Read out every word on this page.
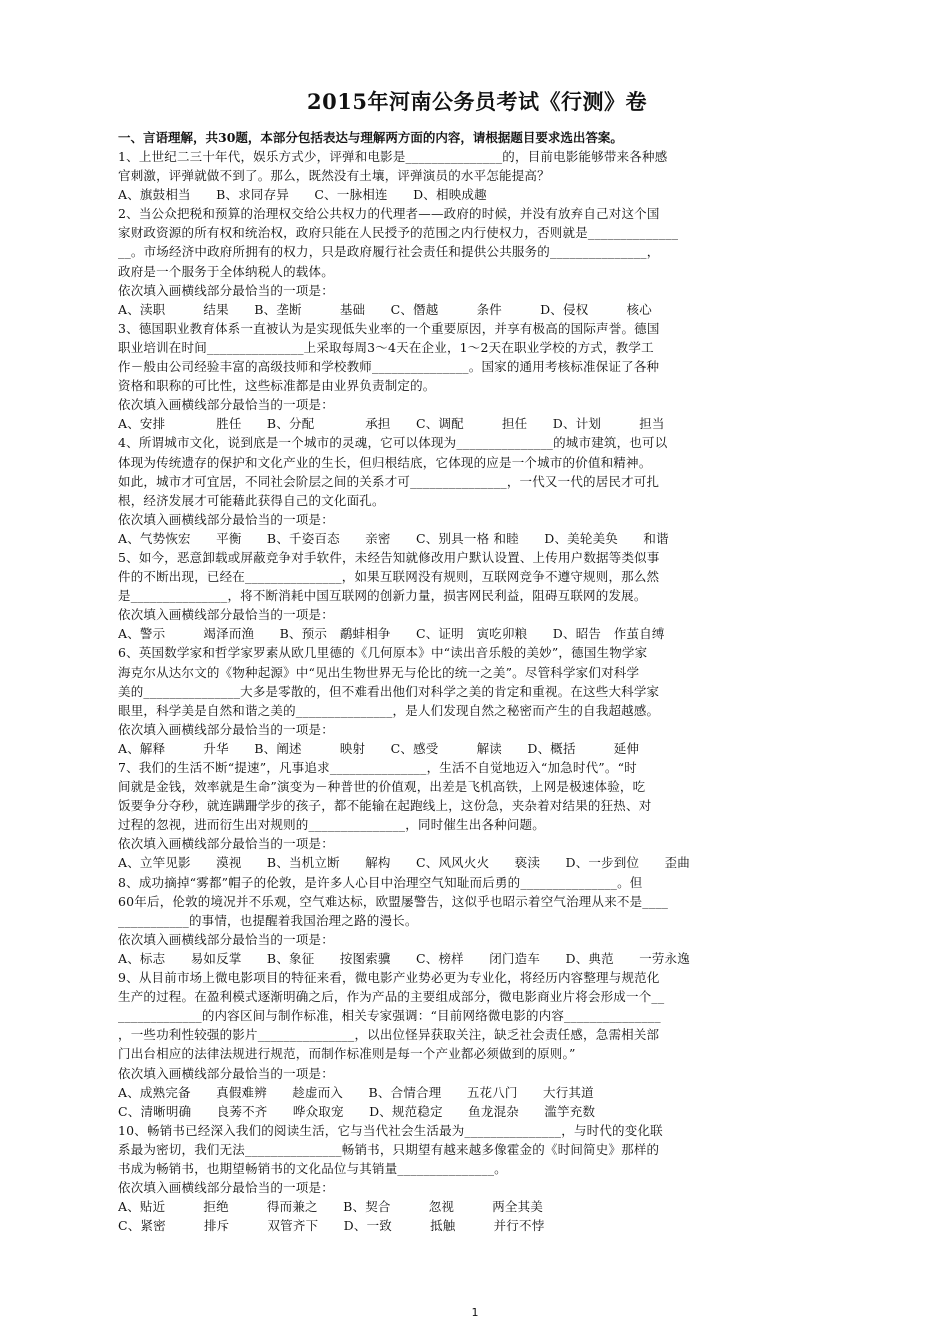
2015年河南公务员考试《行测》卷
一、言语理解，共30题，本部分包括表达与理解两方面的内容，请根据题目要求选出答案。
1、上世纪二三十年代，娱乐方式少，评弹和电影是_______________的，目前电影能够带来各种感
官刺激，评弹就做不到了。那么，既然没有土壤，评弹演员的水平怎能提高？
A、旗鼓相当　　B、求同存异　　C、一脉相连　　D、相映成趣
2、当公众把税和预算的治理权交给公共权力的代理者——政府的时候，并没有放弃自己对这个国
家财政资源的所有权和统治权，政府只能在人民授予的范围之内行使权力，否则就是______________
__。市场经济中政府所拥有的权力，只是政府履行社会责任和提供公共服务的_______________，
政府是一个服务于全体纳税人的载体。
依次填入画横线部分最恰当的一项是：
A、渎职　　　结果　　B、垄断　　　基础　　C、僭越　　　条件　　　D、侵权　　　核心
3、德国职业教育体系一直被认为是实现低失业率的一个重要原因，并享有极高的国际声誉。德国
职业培训在时间_______________上采取每周3～4天在企业，1～2天在职业学校的方式，教学工
作－般由公司经验丰富的高级技师和学校教师_______________。国家的通用考核标准保证了各种
资格和职称的可比性，这些标准都是由业界负责制定的。
依次填入画横线部分最恰当的一项是：
A、安排　　　　胜任　　B、分配　　　　承担　　C、调配　　　担任　　D、计划　　　担当
4、所谓城市文化，说到底是一个城市的灵魂，它可以体现为_______________的城市建筑，也可以
体现为传统遗存的保护和文化产业的生长，但归根结底，它体现的应是一个城市的价值和精神。
如此，城市才可宜居，不同社会阶层之间的关系才可_______________，一代又一代的居民才可扎
根，经济发展才可能藉此获得自己的文化面孔。
依次填入画横线部分最恰当的一项是：
A、气势恢宏　　平衡　　B、千姿百态　　亲密　　C、别具一格 和睦　　D、美轮美奂　　和谐
5、如今，恶意卸载或屏蔽竞争对手软件，未经告知就修改用户默认设置、上传用户数据等类似事
件的不断出现，已经在_______________，如果互联网没有规则，互联网竞争不遵守规则，那么然
是_______________，将不断消耗中国互联网的创新力量，损害网民利益，阻碍互联网的发展。
依次填入画横线部分最恰当的一项是：
A、警示　　　竭泽而渔　　B、预示　鹬蚌相争　　C、证明　寅吃卯粮　　D、昭告　作茧自缚
6、英国数学家和哲学家罗素从欧几里德的《几何原本》中“读出音乐般的美妙”，德国生物学家
海克尔从达尔文的《物种起源》中“见出生物世界无与伦比的统一之美”。尽管科学家们对科学
美的_______________大多是零散的，但不难看出他们对科学之美的肯定和重视。在这些大科学家
眼里，科学美是自然和谐之美的_______________，是人们发现自然之秘密而产生的自我超越感。
依次填入画横线部分最恰当的一项是：
A、解释　　　升华　　B、阐述　　　映射　　C、感受　　　解读　　D、概括　　　延伸
7、我们的生活不断“提速”，凡事追求_______________，生活不自觉地迈入“加急时代”。“时
间就是金钱，效率就是生命”演变为－种普世的价值观，出差是飞机高铁，上网是极速体验，吃
饭要争分夺秒，就连蹒跚学步的孩子，都不能输在起跑线上，这份急，夹杂着对结果的狂热、对
过程的忽视，进而衍生出对规则的_______________，同时催生出各种问题。
依次填入画横线部分最恰当的一项是：
A、立竿见影　　漠视　　B、当机立断　　解构　　C、风风火火　　亵渎　　D、一步到位　　歪曲
8、成功摘掉“雾都”帽子的伦敦，是许多人心目中治理空气知耻而后勇的_______________。但
60年后，伦敦的境况并不乐观，空气难达标，欧盟屡警告，这似乎也昭示着空气治理从来不是____
___________的事情，也提醒着我国治理之路的漫长。
依次填入画横线部分最恰当的一项是：
A、标志　　易如反掌　　B、象征　　按图索骥　　C、榜样　　闭门造车　　D、典范　　一劳永逸
9、从目前市场上微电影项目的特征来看，微电影产业势必更为专业化，将经历内容整理与规范化
生产的过程。在盈利模式逐渐明确之后，作为产品的主要组成部分，微电影商业片将会形成一个__
_____________的内容区间与制作标准，相关专家强调：“目前网络微电影的内容_______________
，一些功利性较强的影片_______________，以出位怪异获取关注，缺乏社会责任感，急需相关部
门出台相应的法律法规进行规范，而制作标准则是每一个产业都必须做到的原则。”
依次填入画横线部分最恰当的一项是：
A、成熟完备　　真假难辨　　趁虚而入　　B、合情合理　　五花八门　　大行其道
C、清晰明确　　良莠不齐　　哗众取宠　　D、规范稳定　　鱼龙混杂　　滥竽充数
10、畅销书已经深入我们的阅读生活，它与当代社会生活最为_______________，与时代的变化联
系最为密切，我们无法_______________畅销书，只期望有越来越多像霍金的《时间简史》那样的
书成为畅销书，也期望畅销书的文化品位与其销量_______________。
依次填入画横线部分最恰当的一项是：
A、贴近　　　拒绝　　　得而兼之　　B、契合　　　忽视　　　两全其美
C、紧密　　　排斥　　　双管齐下　　D、一致　　　抵触　　　并行不悖
1
